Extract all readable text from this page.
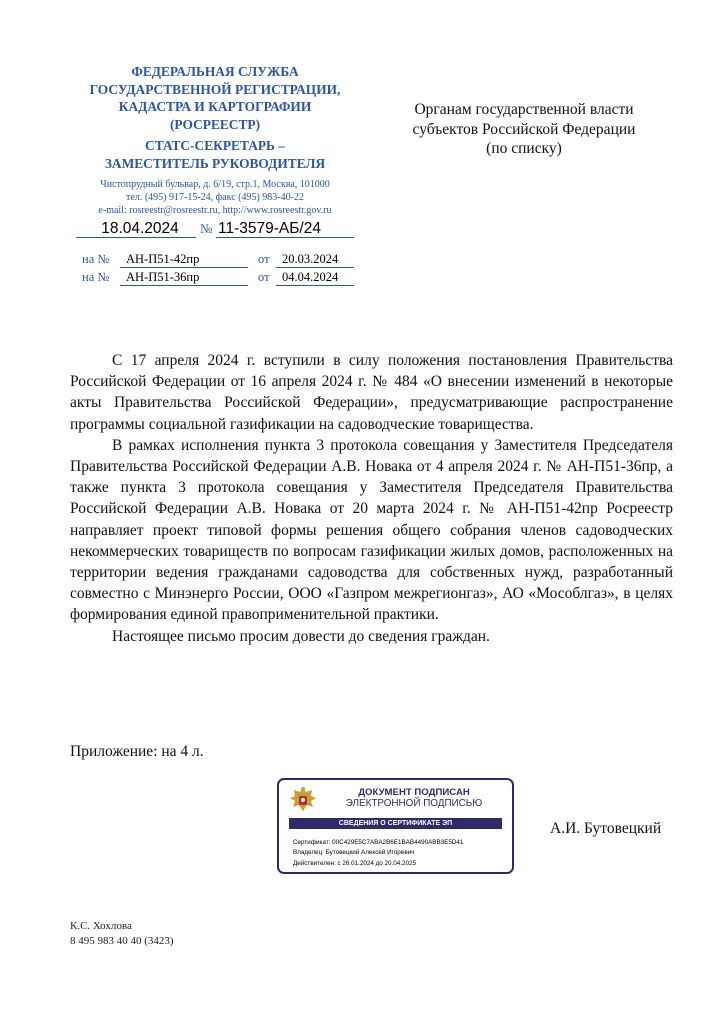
ФЕДЕРАЛЬНАЯ СЛУЖБА
ГОСУДАРСТВЕННОЙ РЕГИСТРАЦИИ,
КАДАСТРА И КАРТОГРАФИИ
(РОСРЕЕСТР)
СТАТС-СЕКРЕТАРЬ –
ЗАМЕСТИТЕЛЬ РУКОВОДИТЕЛЯ
Чистопрудный бульвар, д. 6/19, стр.1, Москва, 101000
тел. (495) 917-15-24, факс (495) 983-40-22
e-mail: rosreestr@rosreestr.ru, http://www.rosreestr.gov.ru
18.04.2024	№ 11-3579-АБ/24
на № АН-П51-42пр	от 20.03.2024
на № АН-П51-36пр	от 04.04.2024
Органам государственной власти
субъектов Российской Федерации
(по списку)

С 17 апреля 2024 г. вступили в силу положения постановления Правительства Российской Федерации от 16 апреля 2024 г. № 484 «О внесении изменений в некоторые акты Правительства Российской Федерации», предусматривающие распространение программы социальной газификации на садоводческие товарищества.

В рамках исполнения пункта 3 протокола совещания у Заместителя Председателя Правительства Российской Федерации А.В. Новака от 4 апреля 2024 г. № АН-П51-36пр, а также пункта 3 протокола совещания у Заместителя Председателя Правительства Российской Федерации А.В. Новака от 20 марта 2024 г. № АН-П51-42пр Росреестр направляет проект типовой формы решения общего собрания членов садоводческих некоммерческих товариществ по вопросам газификации жилых домов, расположенных на территории ведения гражданами садоводства для собственных нужд, разработанный совместно с Минэнерго России, ООО «Газпром межрегионгаз», АО «Мособлгаз», в целях формирования единой правоприменительной практики.

Настоящее письмо просим довести до сведения граждан.

Приложение: на 4 л.
ДОКУМЕНТ ПОДПИСАН
ЭЛЕКТРОННОЙ ПОДПИСЬЮ
СВЕДЕНИЯ О СЕРТИФИКАТЕ ЭП
Сертификат: 00C429E5C7ABA2B6E1BAB4490ABB3E5D41
Владелец: Бутовецкий Алексей Игоревич
Действителен: с 26.01.2024 до 20.04.2025
А.И. Бутовецкий
К.С. Хохлова
8 495 983 40 40 (3423)
